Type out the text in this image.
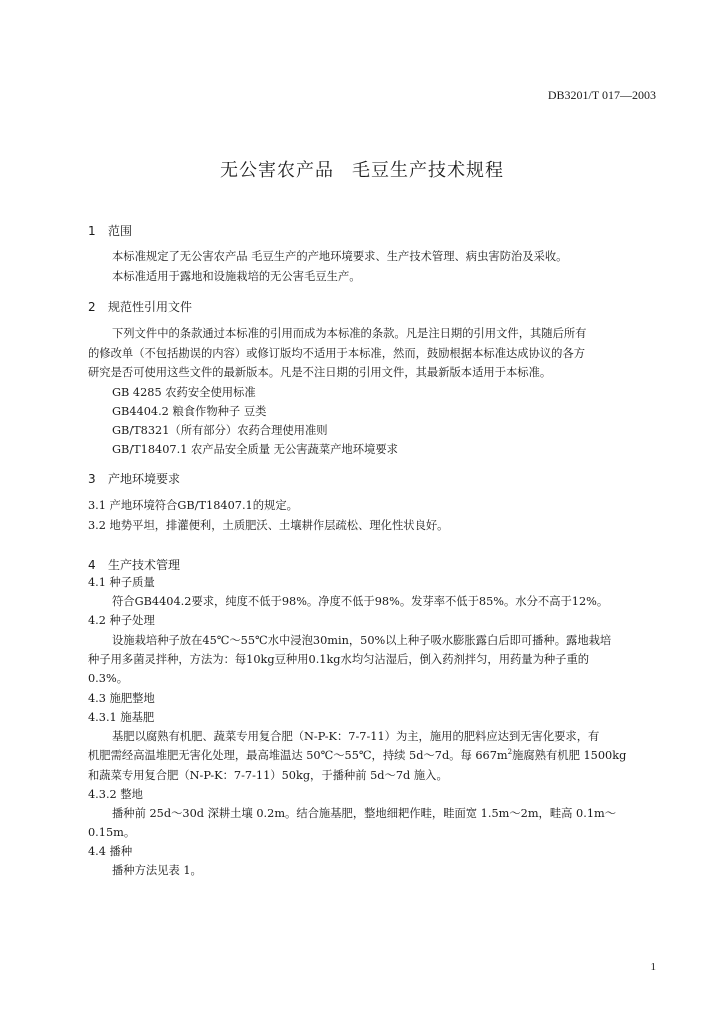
DB3201/T 017—2003
无公害农产品 毛豆生产技术规程
1 范围
本标准规定了无公害农产品 毛豆生产的产地环境要求、生产技术管理、病虫害防治及采收。
本标准适用于露地和设施栽培的无公害毛豆生产。
2 规范性引用文件
下列文件中的条款通过本标准的引用而成为本标准的条款。凡是注日期的引用文件，其随后所有
的修改单（不包括勘误的内容）或修订版均不适用于本标准，然而，鼓励根据本标准达成协议的各方
研究是否可使用这些文件的最新版本。凡是不注日期的引用文件，其最新版本适用于本标准。
GB 4285 农药安全使用标准
GB4404.2 粮食作物种子 豆类
GB/T8321（所有部分）农药合理使用准则
GB/T18407.1 农产品安全质量 无公害蔬菜产地环境要求
3 产地环境要求
3.1 产地环境符合GB/T18407.1的规定。
3.2 地势平坦，排灌便利，土质肥沃、土壤耕作层疏松、理化性状良好。
4 生产技术管理
4.1 种子质量
符合GB4404.2要求，纯度不低于98%。净度不低于98%。发芽率不低于85%。水分不高于12%。
4.2 种子处理
设施栽培种子放在45℃～55℃水中浸泡30min，50%以上种子吸水膨胀露白后即可播种。露地栽培
种子用多菌灵拌种，方法为：每10kg豆种用0.1kg水均匀沾湿后，倒入药剂拌匀，用药量为种子重的
0.3%。
4.3 施肥整地
4.3.1 施基肥
基肥以腐熟有机肥、蔬菜专用复合肥（N-P-K：7-7-11）为主，施用的肥料应达到无害化要求，有
机肥需经高温堆肥无害化处理，最高堆温达 50℃～55℃，持续 5d～7d。每 $667m^2$施腐熟有机肥 1500kg
和蔬菜专用复合肥（N-P-K：7-7-11）50kg，于播种前 5d～7d 施入。
4.3.2 整地
播种前 25d～30d 深耕土壤 0.2m。结合施基肥，整地细耙作畦，畦面宽 1.5m～2m，畦高 0.1m～
0.15m。
4.4 播种
播种方法见表 1。
1
